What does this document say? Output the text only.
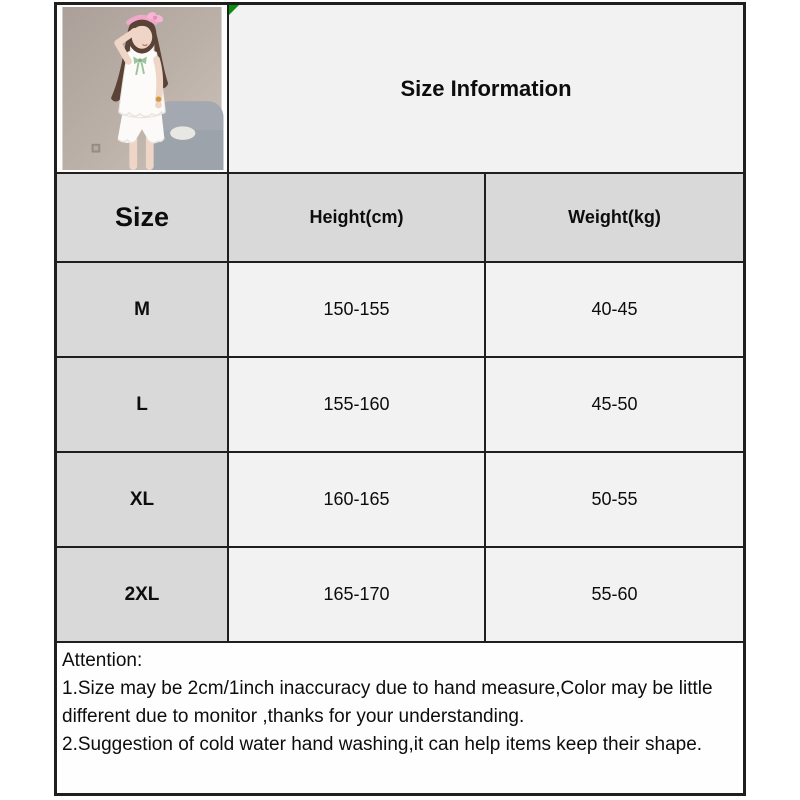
Size Information
Size	Height(cm)	Weight(kg)
M	150-155	40-45
L	155-160	45-50
XL	160-165	50-55
2XL	165-170	55-60
Attention:
1.Size may be 2cm/1inch inaccuracy due to hand measure,Color may be little different due to monitor ,thanks for your understanding.
2.Suggestion of cold water hand washing,it can help items keep their shape.
